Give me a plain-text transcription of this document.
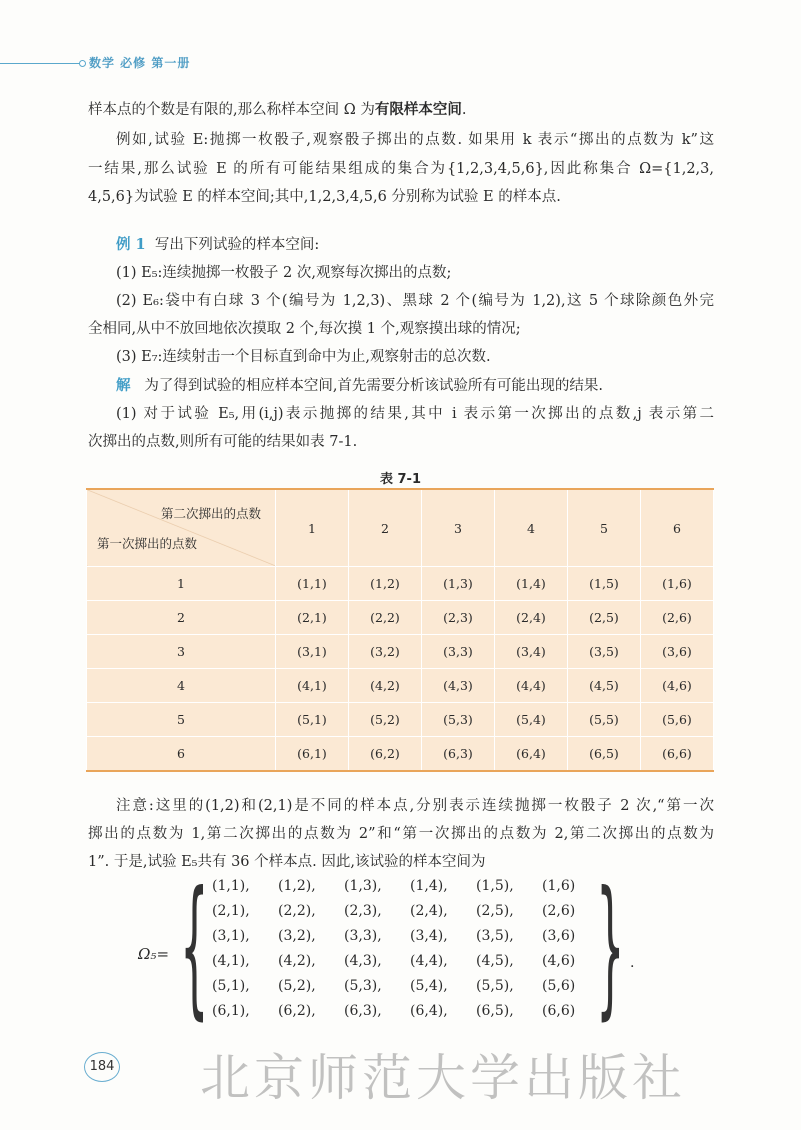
数学 必修 第一册
样本点的个数是有限的,那么称样本空间 Ω 为有限样本空间.
例如,试验 E:抛掷一枚骰子,观察骰子掷出的点数. 如果用 k 表示“掷出的点数为 k”这
一结果,那么试验 E 的所有可能结果组成的集合为{1,2,3,4,5,6},因此称集合 Ω={1,2,3,
4,5,6}为试验 E 的样本空间;其中,1,2,3,4,5,6 分别称为试验 E 的样本点.
例 1 写出下列试验的样本空间:
(1) E₅:连续抛掷一枚骰子 2 次,观察每次掷出的点数;
(2) E₆:袋中有白球 3 个(编号为 1,2,3)、黑球 2 个(编号为 1,2),这 5 个球除颜色外完
全相同,从中不放回地依次摸取 2 个,每次摸 1 个,观察摸出球的情况;
(3) E₇:连续射击一个目标直到命中为止,观察射击的总次数.
解 为了得到试验的相应样本空间,首先需要分析该试验所有可能出现的结果.
(1) 对于试验 E₅,用(i,j)表示抛掷的结果,其中 i 表示第一次掷出的点数,j 表示第二
次掷出的点数,则所有可能的结果如表 7-1.
表 7-1
第二次掷出的点数
第一次掷出的点数	1	2	3	4	5	6
1	(1,1)	(1,2)	(1,3)	(1,4)	(1,5)	(1,6)
2	(2,1)	(2,2)	(2,3)	(2,4)	(2,5)	(2,6)
3	(3,1)	(3,2)	(3,3)	(3,4)	(3,5)	(3,6)
4	(4,1)	(4,2)	(4,3)	(4,4)	(4,5)	(4,6)
5	(5,1)	(5,2)	(5,3)	(5,4)	(5,5)	(5,6)
6	(6,1)	(6,2)	(6,3)	(6,4)	(6,5)	(6,6)
注意:这里的(1,2)和(2,1)是不同的样本点,分别表示连续抛掷一枚骰子 2 次,“第一次
掷出的点数为 1,第二次掷出的点数为 2”和“第一次掷出的点数为 2,第二次掷出的点数为
1”. 于是,试验 E₅共有 36 个样本点. 因此,该试验的样本空间为
Ω₅= { (1,1),	(1,2),	(1,3),	(1,4),	(1,5),	(1,6)
(2,1),	(2,2),	(2,3),	(2,4),	(2,5),	(2,6)
(3,1),	(3,2),	(3,3),	(3,4),	(3,5),	(3,6)
(4,1),	(4,2),	(4,3),	(4,4),	(4,5),	(4,6)
(5,1),	(5,2),	(5,3),	(5,4),	(5,5),	(5,6)
(6,1),	(6,2),	(6,3),	(6,4),	(6,5),	(6,6) } .
184 北京师范大学出版社
